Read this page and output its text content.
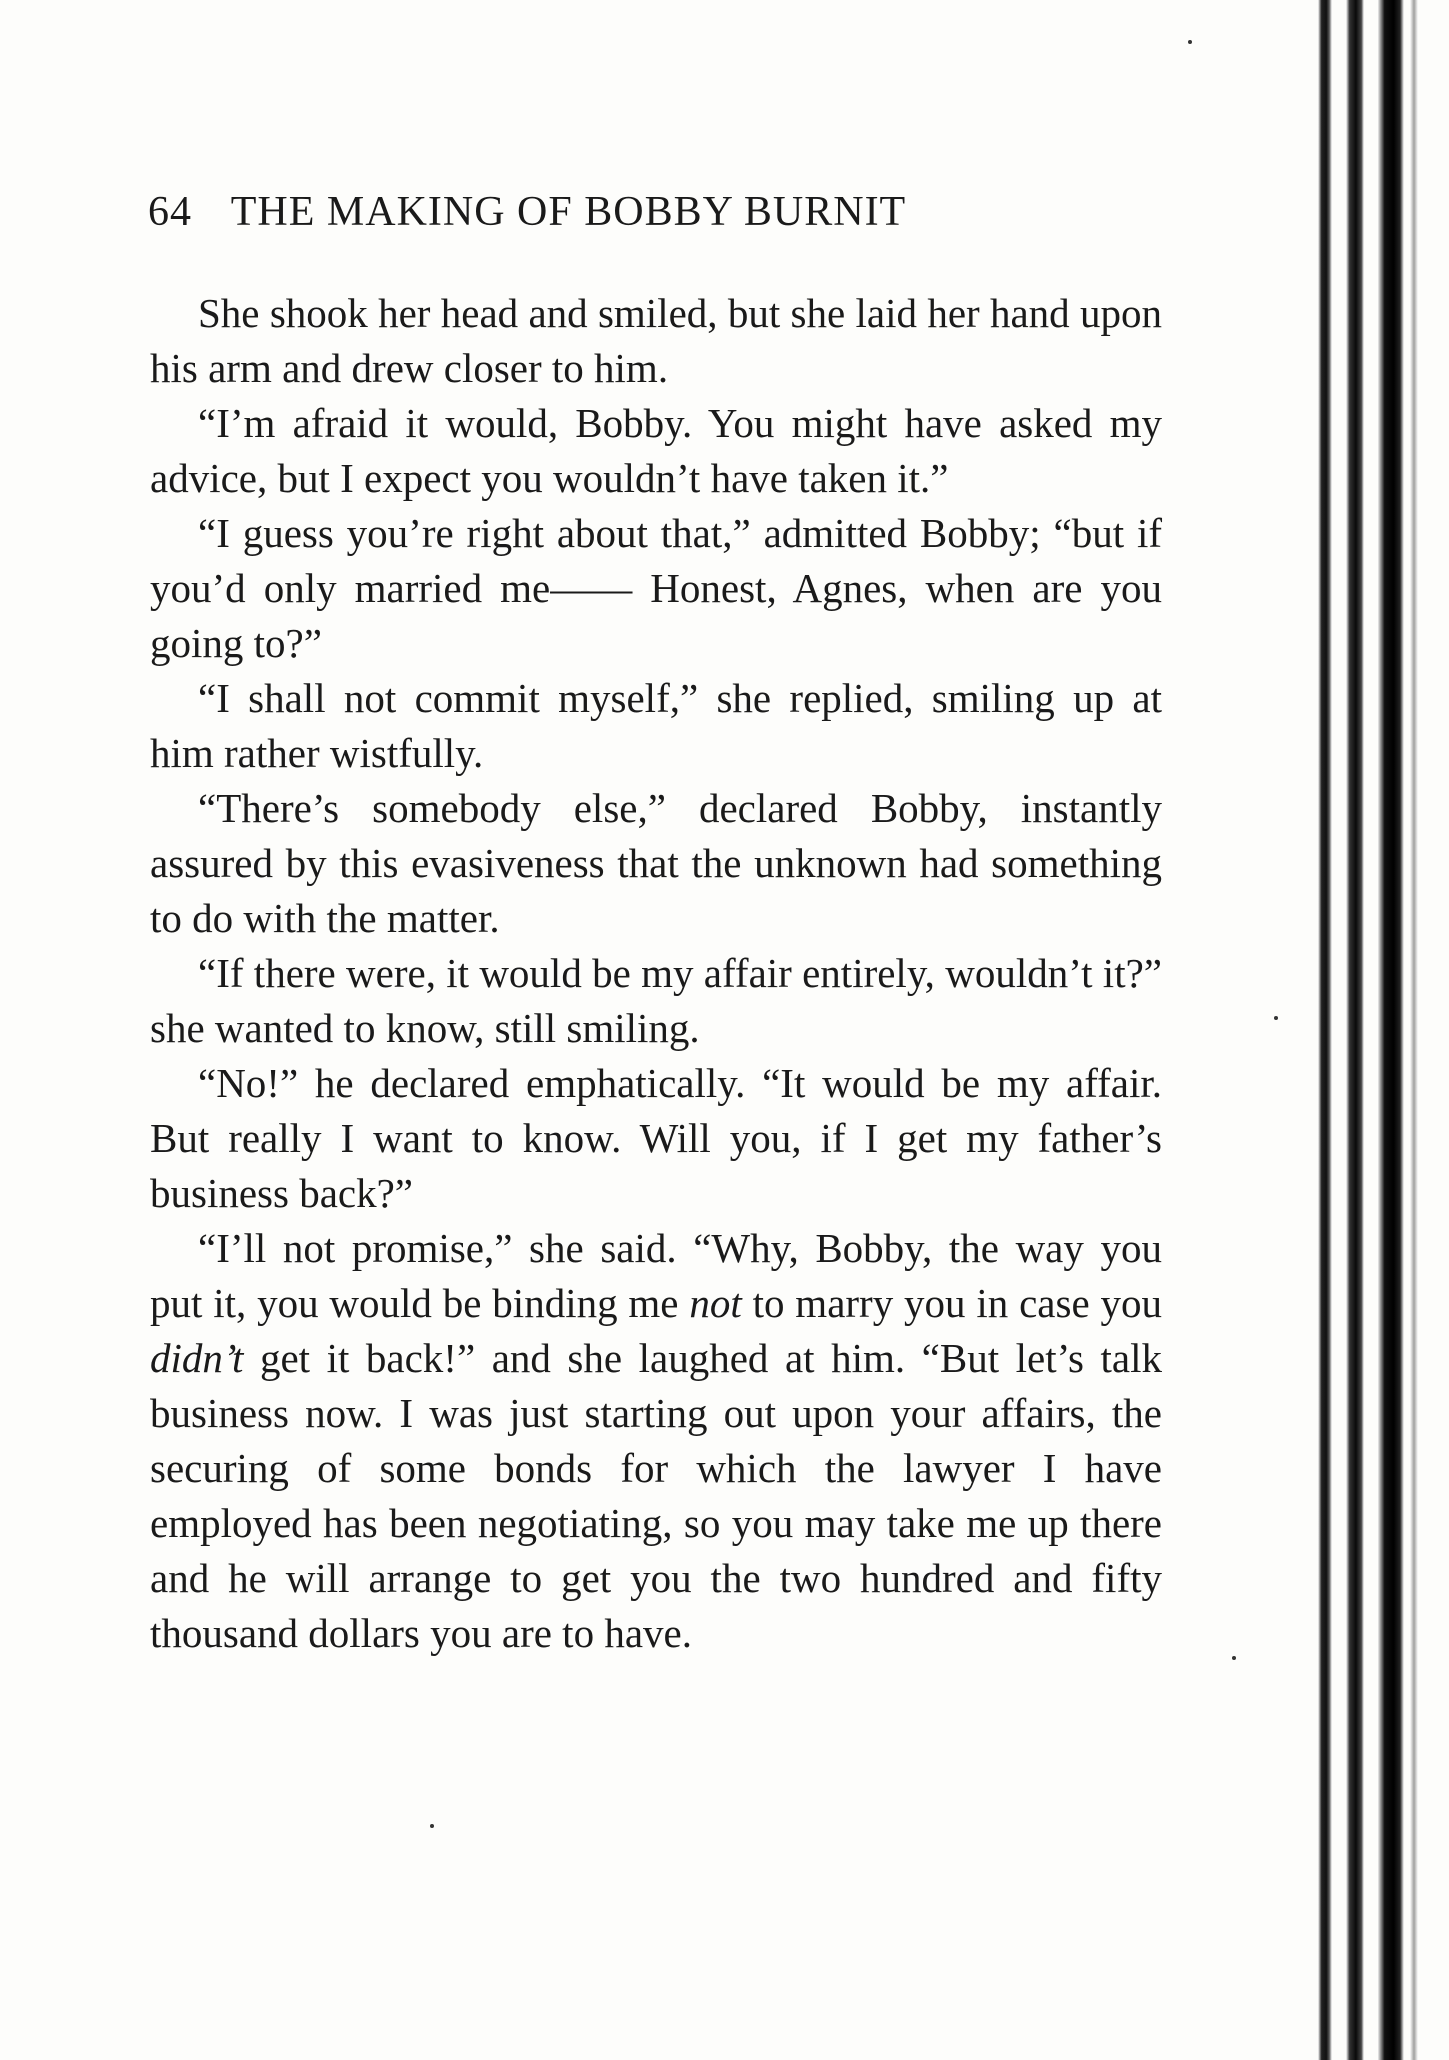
64 THE MAKING OF BOBBY BURNIT

She shook her head and smiled, but she laid her hand upon his arm and drew closer to him.

“I’m afraid it would, Bobby. You might have asked my advice, but I expect you wouldn’t have taken it.”

“I guess you’re right about that,” admitted Bobby; “but if you’d only married me—— Honest, Agnes, when are you going to?”

“I shall not commit myself,” she replied, smiling up at him rather wistfully.

“There’s somebody else,” declared Bobby, instantly assured by this evasiveness that the unknown had something to do with the matter.

“If there were, it would be my affair entirely, wouldn’t it?” she wanted to know, still smiling.

“No!” he declared emphatically. “It would be my affair. But really I want to know. Will you, if I get my father’s business back?”

“I’ll not promise,” she said. “Why, Bobby, the way you put it, you would be binding me not to marry you in case you didn’t get it back!” and she laughed at him. “But let’s talk business now. I was just starting out upon your affairs, the securing of some bonds for which the lawyer I have employed has been negotiating, so you may take me up there and he will arrange to get you the two hundred and fifty thousand dollars you are to have.
